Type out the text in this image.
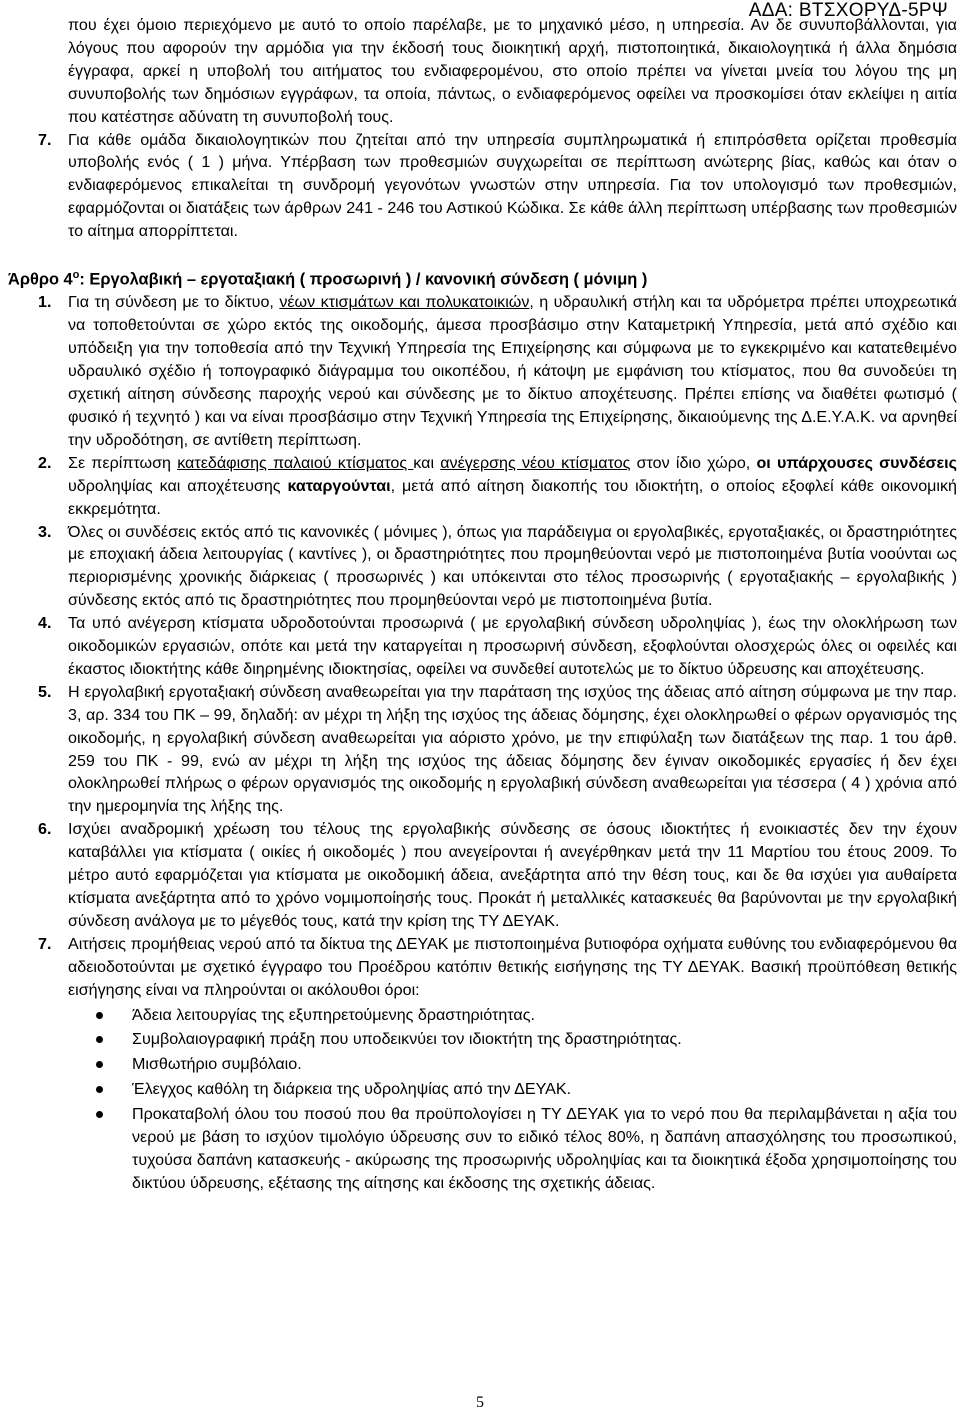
ΑΔΑ: ΒΤΣΧΟΡΥΔ-5ΡΨ

που έχει όμοιο περιεχόμενο με αυτό το οποίο παρέλαβε, με το μηχανικό μέσο, η υπηρεσία. Αν δε συνυποβάλλονται, για λόγους που αφορούν την αρμόδια για την έκδοσή τους διοικητική αρχή, πιστοποιητικά, δικαιολογητικά ή άλλα δημόσια έγγραφα, αρκεί η υποβολή του αιτήματος του ενδιαφερομένου, στο οποίο πρέπει να γίνεται μνεία του λόγου της μη συνυποβολής των δημόσιων εγγράφων, τα οποία, πάντως, ο ενδιαφερόμενος οφείλει να προσκομίσει όταν εκλείψει η αιτία που κατέστησε αδύνατη τη συνυποβολή τους.

7. Για κάθε ομάδα δικαιολογητικών που ζητείται από την υπηρεσία συμπληρωματικά ή επιπρόσθετα ορίζεται προθεσμία υποβολής ενός ( 1 ) μήνα. Υπέρβαση των προθεσμιών συγχωρείται σε περίπτωση ανώτερης βίας, καθώς και όταν ο ενδιαφερόμενος επικαλείται τη συνδρομή γεγονότων γνωστών στην υπηρεσία. Για τον υπολογισμό των προθεσμιών, εφαρμόζονται οι διατάξεις των άρθρων 241 - 246 του Αστικού Κώδικα. Σε κάθε άλλη περίπτωση υπέρβασης των προθεσμιών το αίτημα απορρίπτεται.

Άρθρο $4^o$: Εργολαβική – εργοταξιακή ( προσωρινή ) / κανονική σύνδεση ( μόνιμη )

1. Για τη σύνδεση με το δίκτυο, νέων κτισμάτων και πολυκατοικιών, η υδραυλική στήλη και τα υδρόμετρα πρέπει υποχρεωτικά να τοποθετούνται σε χώρο εκτός της οικοδομής, άμεσα προσβάσιμο στην Καταμετρική Υπηρεσία, μετά από σχέδιο και υπόδειξη για την τοποθεσία από την Τεχνική Υπηρεσία της Επιχείρησης και σύμφωνα με το εγκεκριμένο και κατατεθειμένο υδραυλικό σχέδιο ή τοπογραφικό διάγραμμα του οικοπέδου, ή κάτοψη με εμφάνιση του κτίσματος, που θα συνοδεύει τη σχετική αίτηση σύνδεσης παροχής νερού και σύνδεσης με το δίκτυο αποχέτευσης. Πρέπει επίσης να διαθέτει φωτισμό ( φυσικό ή τεχνητό ) και να είναι προσβάσιμο στην Τεχνική Υπηρεσία της Επιχείρησης, δικαιούμενης της Δ.Ε.Υ.Α.Κ. να αρνηθεί την υδροδότηση, σε αντίθετη περίπτωση.
2. Σε περίπτωση κατεδάφισης παλαιού κτίσματος και ανέγερσης νέου κτίσματος στον ίδιο χώρο, οι υπάρχουσες συνδέσεις υδροληψίας και αποχέτευσης καταργούνται, μετά από αίτηση διακοπής του ιδιοκτήτη, ο οποίος εξοφλεί κάθε οικονομική εκκρεμότητα.
3. Όλες οι συνδέσεις εκτός από τις κανονικές ( μόνιμες ), όπως για παράδειγμα οι εργολαβικές, εργοταξιακές, οι δραστηριότητες με εποχιακή άδεια λειτουργίας ( καντίνες ), οι δραστηριότητες που προμηθεύονται νερό με πιστοποιημένα βυτία νοούνται ως περιορισμένης χρονικής διάρκειας ( προσωρινές ) και υπόκεινται στο τέλος προσωρινής ( εργοταξιακής – εργολαβικής ) σύνδεσης εκτός από τις δραστηριότητες που προμηθεύονται νερό με πιστοποιημένα βυτία.
4. Τα υπό ανέγερση κτίσματα υδροδοτούνται προσωρινά ( με εργολαβική σύνδεση υδροληψίας ), έως την ολοκλήρωση των οικοδομικών εργασιών, οπότε και μετά την καταργείται η προσωρινή σύνδεση, εξοφλούνται ολοσχερώς όλες οι οφειλές και έκαστος ιδιοκτήτης κάθε διηρημένης ιδιοκτησίας, οφείλει να συνδεθεί αυτοτελώς με το δίκτυο ύδρευσης και αποχέτευσης.
5. Η εργολαβική εργοταξιακή σύνδεση αναθεωρείται για την παράταση της ισχύος της άδειας από αίτηση σύμφωνα με την παρ. 3, αρ. 334 του ΠΚ – 99, δηλαδή: αν μέχρι τη λήξη της ισχύος της άδειας δόμησης, έχει ολοκληρωθεί ο φέρων οργανισμός της οικοδομής, η εργολαβική σύνδεση αναθεωρείται για αόριστο χρόνο, με την επιφύλαξη των διατάξεων της παρ. 1 του άρθ. 259 του ΠΚ - 99, ενώ αν μέχρι τη λήξη της ισχύος της άδειας δόμησης δεν έγιναν οικοδομικές εργασίες ή δεν έχει ολοκληρωθεί πλήρως ο φέρων οργανισμός της οικοδομής η εργολαβική σύνδεση αναθεωρείται για τέσσερα ( 4 ) χρόνια από την ημερομηνία της λήξης της.
6. Ισχύει αναδρομική χρέωση του τέλους της εργολαβικής σύνδεσης σε όσους ιδιοκτήτες ή ενοικιαστές δεν την έχουν καταβάλλει για κτίσματα ( οικίες ή οικοδομές ) που ανεγείρονται ή ανεγέρθηκαν μετά την 11 Μαρτίου του έτους 2009. Το μέτρο αυτό εφαρμόζεται για κτίσματα με οικοδομική άδεια, ανεξάρτητα από την θέση τους, και δε θα ισχύει για αυθαίρετα κτίσματα ανεξάρτητα από το χρόνο νομιμοποίησής τους. Προκάτ ή μεταλλικές κατασκευές θα βαρύνονται με την εργολαβική σύνδεση ανάλογα με το μέγεθός τους, κατά την κρίση της ΤΥ ΔΕΥΑΚ.
7. Αιτήσεις προμήθειας νερού από τα δίκτυα της ΔΕΥΑΚ με πιστοποιημένα βυτιοφόρα οχήματα ευθύνης του ενδιαφερόμενου θα αδειοδοτούνται με σχετικό έγγραφο του Προέδρου κατόπιν θετικής εισήγησης της ΤΥ ΔΕΥΑΚ. Βασική προϋπόθεση θετικής εισήγησης είναι να πληρούνται οι ακόλουθοι όροι:
Άδεια λειτουργίας της εξυπηρετούμενης δραστηριότητας.
Συμβολαιογραφική πράξη που υποδεικνύει τον ιδιοκτήτη της δραστηριότητας.
Μισθωτήριο συμβόλαιο.
Έλεγχος καθόλη τη διάρκεια της υδροληψίας από την ΔΕΥΑΚ.
Προκαταβολή όλου του ποσού που θα προϋπολογίσει η ΤΥ ΔΕΥΑΚ για το νερό που θα περιλαμβάνεται η αξία του νερού με βάση το ισχύον τιμολόγιο ύδρευσης συν το ειδικό τέλος 80%, η δαπάνη απασχόλησης του προσωπικού, τυχούσα δαπάνη κατασκευής - ακύρωσης της προσωρινής υδροληψίας και τα διοικητικά έξοδα χρησιμοποίησης του δικτύου ύδρευσης, εξέτασης της αίτησης και έκδοσης της σχετικής άδειας.
5
